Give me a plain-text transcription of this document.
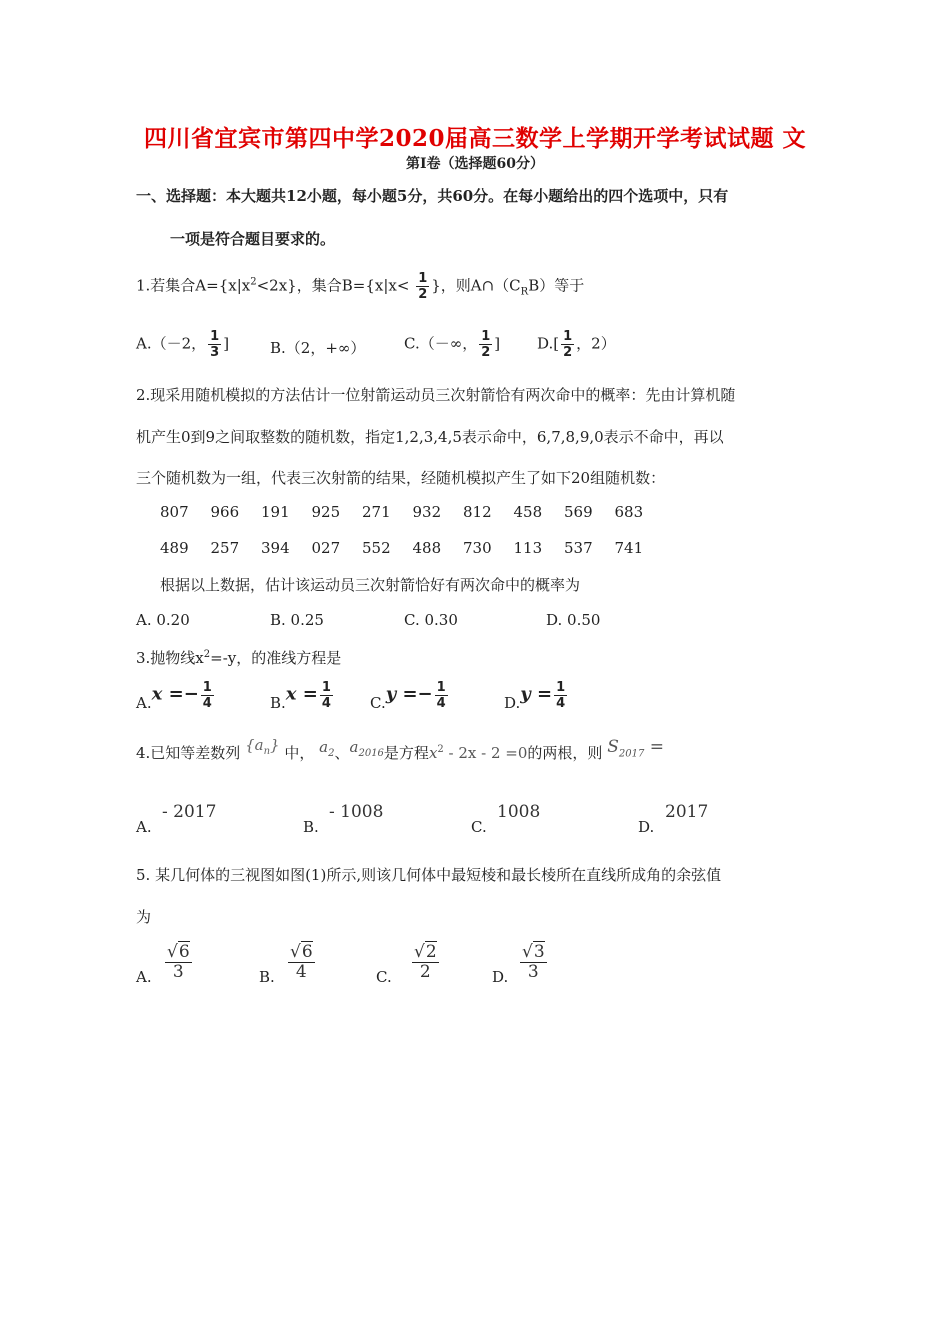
四川省宜宾市第四中学2020届高三数学上学期开学考试试题 文
第I卷（选择题60分）
一、选择题：本大题共12小题，每小题5分，共60分。在每小题给出的四个选项中，只有
一项是符合题目要求的。
1.若集合$A=\{x|x^2<2x\}$，集合$B=\{x|x< \frac{1}{2}$ }，则$A\cap(C_RB)$等于
A.（－2， $\frac{1}{3}$ ]	B.（2，+∞）	C.（－∞， $\frac{1}{2}$ ] $D.[ \frac{1}{2}$ ，2）
2.现采用随机模拟的方法估计一位射箭运动员三次射箭恰有两次命中的概率：先由计算机随
机产生0到9之间取整数的随机数，指定1,2,3,4,5表示命中，6,7,8,9,0表示不命中，再以
三个随机数为一组，代表三次射箭的结果，经随机模拟产生了如下20组随机数：
807 966 191 925 271 932 812 458 569 683
489 257 394 027 552 488 730 113 537 741
根据以上数据，估计该运动员三次射箭恰好有两次命中的概率为
A. 0.20	B. 0.25	C. 0.30	D. 0.50
3.抛物线$x^2=-y$，的准线方程是
$A.x =- \frac{1}{4}$	$B.x = \frac{1}{4} C.y =- \frac{1}{4}$	$D.y = \frac{1}{4}$
4.已知等差数列 $\{a_n\}$ 中， $a_2$、$a_{2016}$是方程$x^2 - 2x - 2 =0$的两根，则 $S_{2017}$ =
A.
- 2017
B.
- 1008
C.
1008
D.
2017
5. 某几何体的三视图如图(1)所示,则该几何体中最短棱和最长棱所在直线所成角的余弦值
为
A. $\frac{√6}{3}$	B. $\frac{√6}{4}$	C. $\frac{√2}{2}$	D. $\frac{√3}{3}$
